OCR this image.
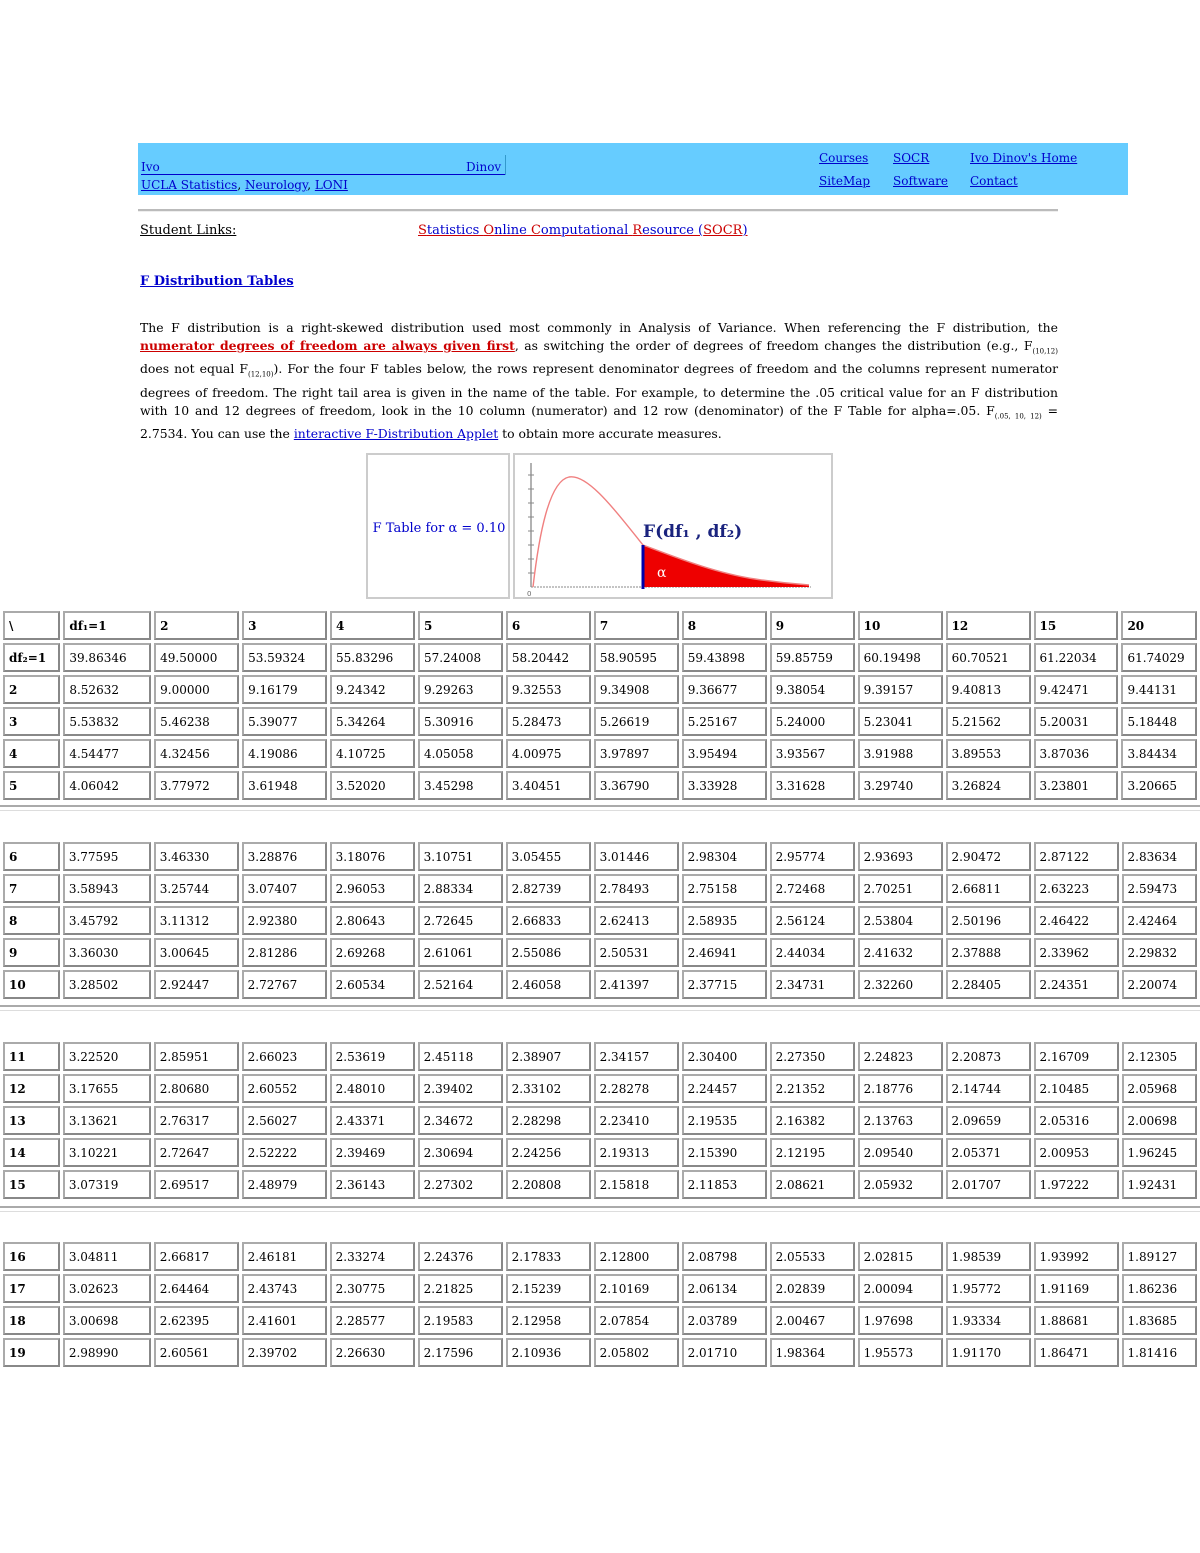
Ivo	Dinov
UCLA Statistics, Neurology, LONI
Courses SOCR	Ivo Dinov's Home
SiteMap Software Contact
Student Links:	Statistics Online Computational Resource (SOCR)
F Distribution Tables
The F distribution is a right-skewed distribution used most commonly in Analysis of Variance. When referencing the F distribution, the numerator degrees of freedom are always given first, as switching the order of degrees of freedom changes the distribution (e.g., $F_{(10,12)}$ does not equal $F_{(12,10)}$). For the four F tables below, the rows represent denominator degrees of freedom and the columns represent numerator degrees of freedom. The right tail area is given in the name of the table. For example, to determine the .05 critical value for an F distribution with 10 and 12 degrees of freedom, look in the 10 column (numerator) and 12 row (denominator) of the F Table for alpha=.05. $F_{(.05, 10, 12)} = 2.7534$. You can use the interactive F-Distribution Applet to obtain more accurate measures.
F Table for α = 0.10
0
F(df₁ , df₂)
α
\	df₁=1	2	3	4	5	6	7	8	9	10	12	15	20
df₂=1	39.86346	49.50000	53.59324	55.83296	57.24008	58.20442	58.90595	59.43898	59.85759	60.19498	60.70521	61.22034	61.74029
2	8.52632	9.00000	9.16179	9.24342	9.29263	9.32553	9.34908	9.36677	9.38054	9.39157	9.40813	9.42471	9.44131
3	5.53832	5.46238	5.39077	5.34264	5.30916	5.28473	5.26619	5.25167	5.24000	5.23041	5.21562	5.20031	5.18448
4	4.54477	4.32456	4.19086	4.10725	4.05058	4.00975	3.97897	3.95494	3.93567	3.91988	3.89553	3.87036	3.84434
5	4.06042	3.77972	3.61948	3.52020	3.45298	3.40451	3.36790	3.33928	3.31628	3.29740	3.26824	3.23801	3.20665
6	3.77595	3.46330	3.28876	3.18076	3.10751	3.05455	3.01446	2.98304	2.95774	2.93693	2.90472	2.87122	2.83634
7	3.58943	3.25744	3.07407	2.96053	2.88334	2.82739	2.78493	2.75158	2.72468	2.70251	2.66811	2.63223	2.59473
8	3.45792	3.11312	2.92380	2.80643	2.72645	2.66833	2.62413	2.58935	2.56124	2.53804	2.50196	2.46422	2.42464
9	3.36030	3.00645	2.81286	2.69268	2.61061	2.55086	2.50531	2.46941	2.44034	2.41632	2.37888	2.33962	2.29832
10	3.28502	2.92447	2.72767	2.60534	2.52164	2.46058	2.41397	2.37715	2.34731	2.32260	2.28405	2.24351	2.20074
11	3.22520	2.85951	2.66023	2.53619	2.45118	2.38907	2.34157	2.30400	2.27350	2.24823	2.20873	2.16709	2.12305
12	3.17655	2.80680	2.60552	2.48010	2.39402	2.33102	2.28278	2.24457	2.21352	2.18776	2.14744	2.10485	2.05968
13	3.13621	2.76317	2.56027	2.43371	2.34672	2.28298	2.23410	2.19535	2.16382	2.13763	2.09659	2.05316	2.00698
14	3.10221	2.72647	2.52222	2.39469	2.30694	2.24256	2.19313	2.15390	2.12195	2.09540	2.05371	2.00953	1.96245
15	3.07319	2.69517	2.48979	2.36143	2.27302	2.20808	2.15818	2.11853	2.08621	2.05932	2.01707	1.97222	1.92431
16	3.04811	2.66817	2.46181	2.33274	2.24376	2.17833	2.12800	2.08798	2.05533	2.02815	1.98539	1.93992	1.89127
17	3.02623	2.64464	2.43743	2.30775	2.21825	2.15239	2.10169	2.06134	2.02839	2.00094	1.95772	1.91169	1.86236
18	3.00698	2.62395	2.41601	2.28577	2.19583	2.12958	2.07854	2.03789	2.00467	1.97698	1.93334	1.88681	1.83685
19	2.98990	2.60561	2.39702	2.26630	2.17596	2.10936	2.05802	2.01710	1.98364	1.95573	1.91170	1.86471	1.81416
